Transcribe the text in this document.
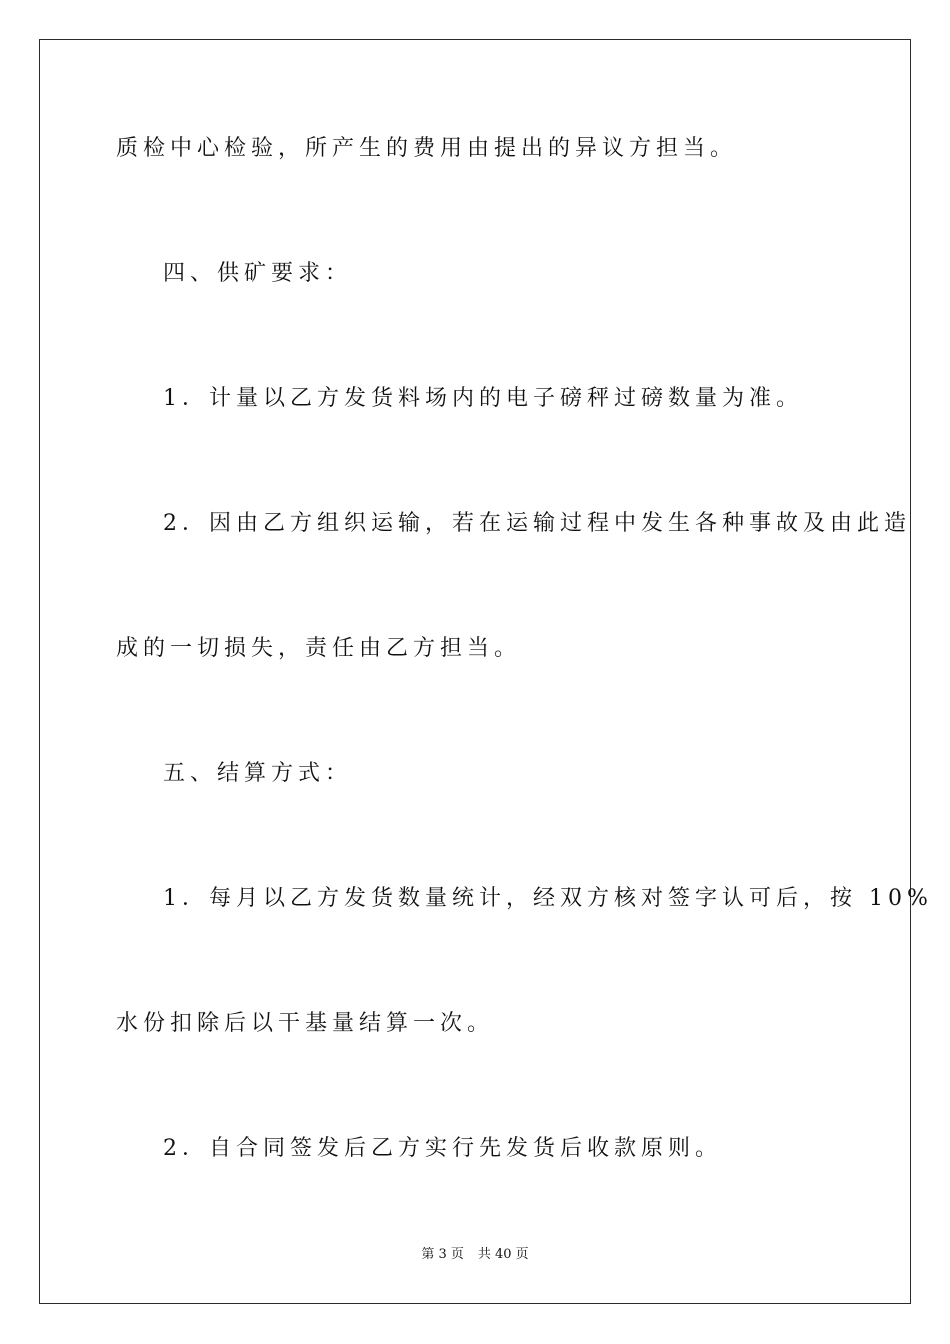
质检中心检验，所产生的费用由提出的异议方担当。
四、供矿要求：
1．计量以乙方发货料场内的电子磅秤过磅数量为准。
2．因由乙方组织运输，若在运输过程中发生各种事故及由此造
成的一切损失，责任由乙方担当。
五、结算方式：
1．每月以乙方发货数量统计，经双方核对签字认可后，按 10%
水份扣除后以干基量结算一次。
2．自合同签发后乙方实行先发货后收款原则。
第 3 页 共 40 页
